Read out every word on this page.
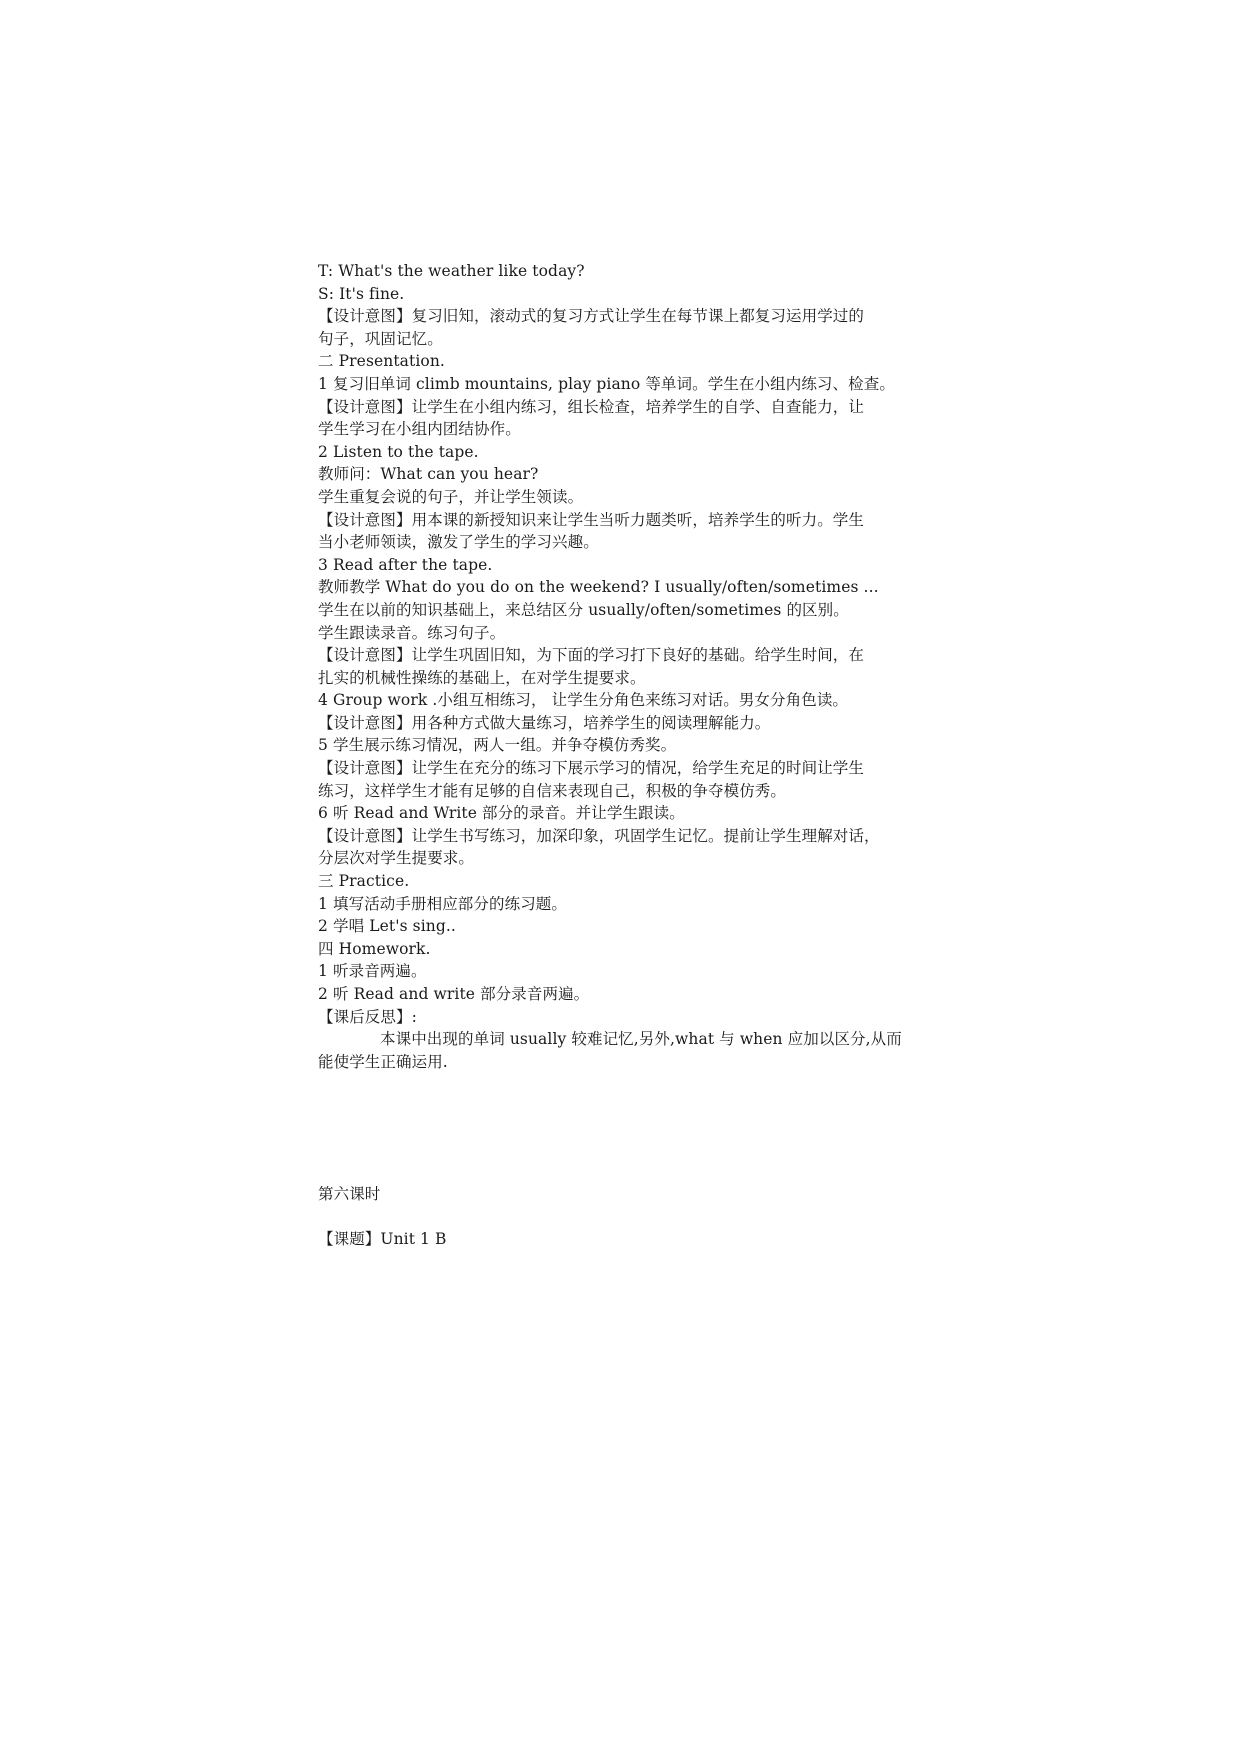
T: What's the weather like today?
S: It's fine.
【设计意图】复习旧知，滚动式的复习方式让学生在每节课上都复习运用学过的
句子，巩固记忆。
二 Presentation.
1 复习旧单词 climb mountains, play piano 等单词。学生在小组内练习、检查。
【设计意图】让学生在小组内练习，组长检查，培养学生的自学、自查能力，让
学生学习在小组内团结协作。
2 Listen to the tape.
教师问：What can you hear?
学生重复会说的句子，并让学生领读。
【设计意图】用本课的新授知识来让学生当听力题类听，培养学生的听力。学生
当小老师领读，激发了学生的学习兴趣。
3 Read after the tape.
教师教学 What do you do on the weekend? I usually/often/sometimes ...
学生在以前的知识基础上，来总结区分 usually/often/sometimes 的区别。
学生跟读录音。练习句子。
【设计意图】让学生巩固旧知，为下面的学习打下良好的基础。给学生时间，在
扎实的机械性操练的基础上，在对学生提要求。
4 Group work .小组互相练习， 让学生分角色来练习对话。男女分角色读。
【设计意图】用各种方式做大量练习，培养学生的阅读理解能力。
5 学生展示练习情况，两人一组。并争夺模仿秀奖。
【设计意图】让学生在充分的练习下展示学习的情况，给学生充足的时间让学生
练习，这样学生才能有足够的自信来表现自己，积极的争夺模仿秀。
6 听 Read and Write 部分的录音。并让学生跟读。
【设计意图】让学生书写练习，加深印象，巩固学生记忆。提前让学生理解对话，
分层次对学生提要求。
三 Practice.
1 填写活动手册相应部分的练习题。
2 学唱 Let's sing..
四 Homework.
1 听录音两遍。
2 听 Read and write 部分录音两遍。
【课后反思】:
本课中出现的单词 usually 较难记忆,另外,what 与 when 应加以区分,从而
能使学生正确运用.
第六课时
【课题】Unit 1 B
